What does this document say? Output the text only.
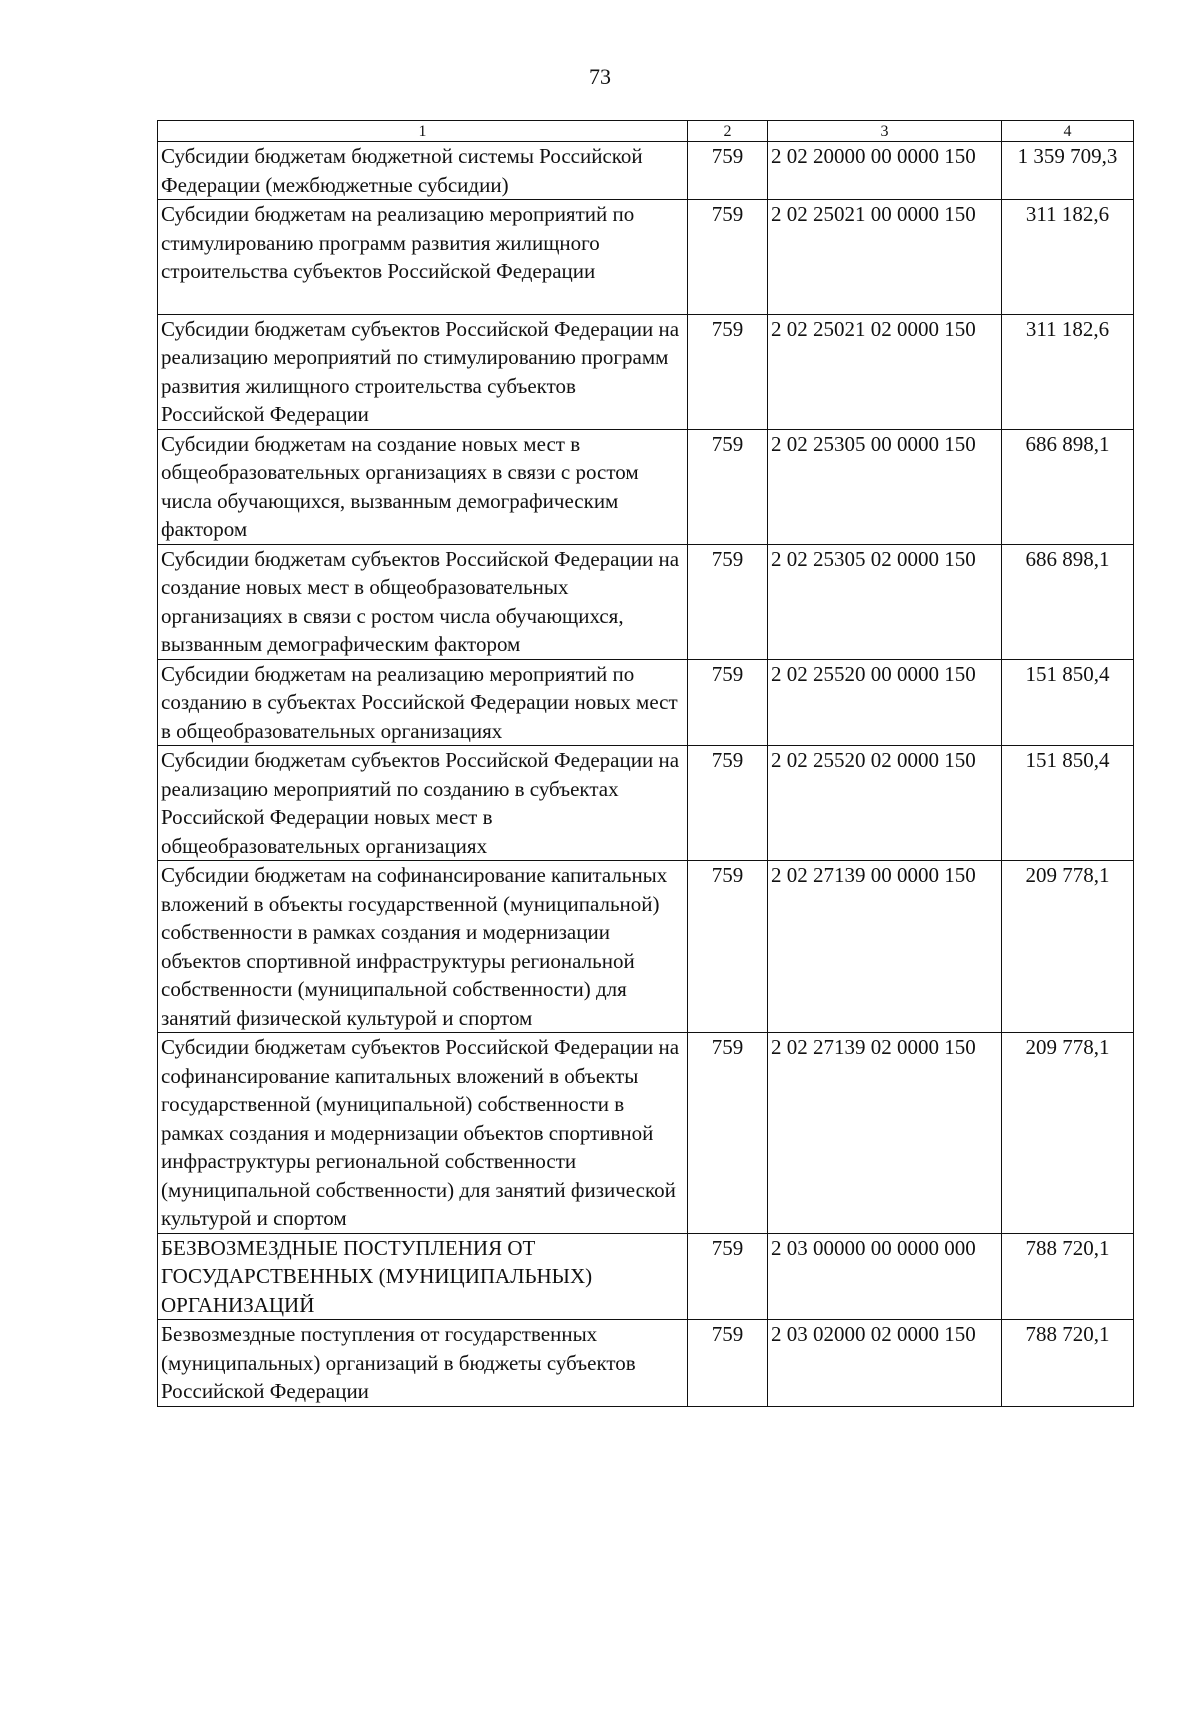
73
1	2	3	4
Субсидии бюджетам бюджетной системы Российской Федерации (межбюджетные субсидии)	759	2 02 20000 00 0000 150	1 359 709,3
Субсидии бюджетам на реализацию мероприятий по стимулированию программ развития жилищного строительства субъектов Российской Федерации	759	2 02 25021 00 0000 150	311 182,6
Субсидии бюджетам субъектов Российской Федерации на реализацию мероприятий по стимулированию программ развития жилищного строительства субъектов Российской Федерации	759	2 02 25021 02 0000 150	311 182,6
Субсидии бюджетам на создание новых мест в общеобразовательных организациях в связи с ростом числа обучающихся, вызванным демографическим фактором	759	2 02 25305 00 0000 150	686 898,1
Субсидии бюджетам субъектов Российской Федерации на создание новых мест в общеобразовательных организациях в связи с ростом числа обучающихся, вызванным демографическим фактором	759	2 02 25305 02 0000 150	686 898,1
Субсидии бюджетам на реализацию мероприятий по созданию в субъектах Российской Федерации новых мест в общеобразовательных организациях	759	2 02 25520 00 0000 150	151 850,4
Субсидии бюджетам субъектов Российской Федерации на реализацию мероприятий по созданию в субъектах Российской Федерации новых мест в общеобразовательных организациях	759	2 02 25520 02 0000 150	151 850,4
Субсидии бюджетам на софинансирование капитальных вложений в объекты государственной (муниципальной) собственности в рамках создания и модернизации объектов спортивной инфраструктуры региональной собственности (муниципальной собственности) для занятий физической культурой и спортом	759	2 02 27139 00 0000 150	209 778,1
Субсидии бюджетам субъектов Российской Федерации на софинансирование капитальных вложений в объекты государственной (муниципальной) собственности в рамках создания и модернизации объектов спортивной инфраструктуры региональной собственности (муниципальной собственности) для занятий физической культурой и спортом	759	2 02 27139 02 0000 150	209 778,1
БЕЗВОЗМЕЗДНЫЕ ПОСТУПЛЕНИЯ ОТ ГОСУДАРСТВЕННЫХ (МУНИЦИПАЛЬНЫХ) ОРГАНИЗАЦИЙ	759	2 03 00000 00 0000 000	788 720,1
Безвозмездные поступления от государственных (муниципальных) организаций в бюджеты субъектов Российской Федерации	759	2 03 02000 02 0000 150	788 720,1
